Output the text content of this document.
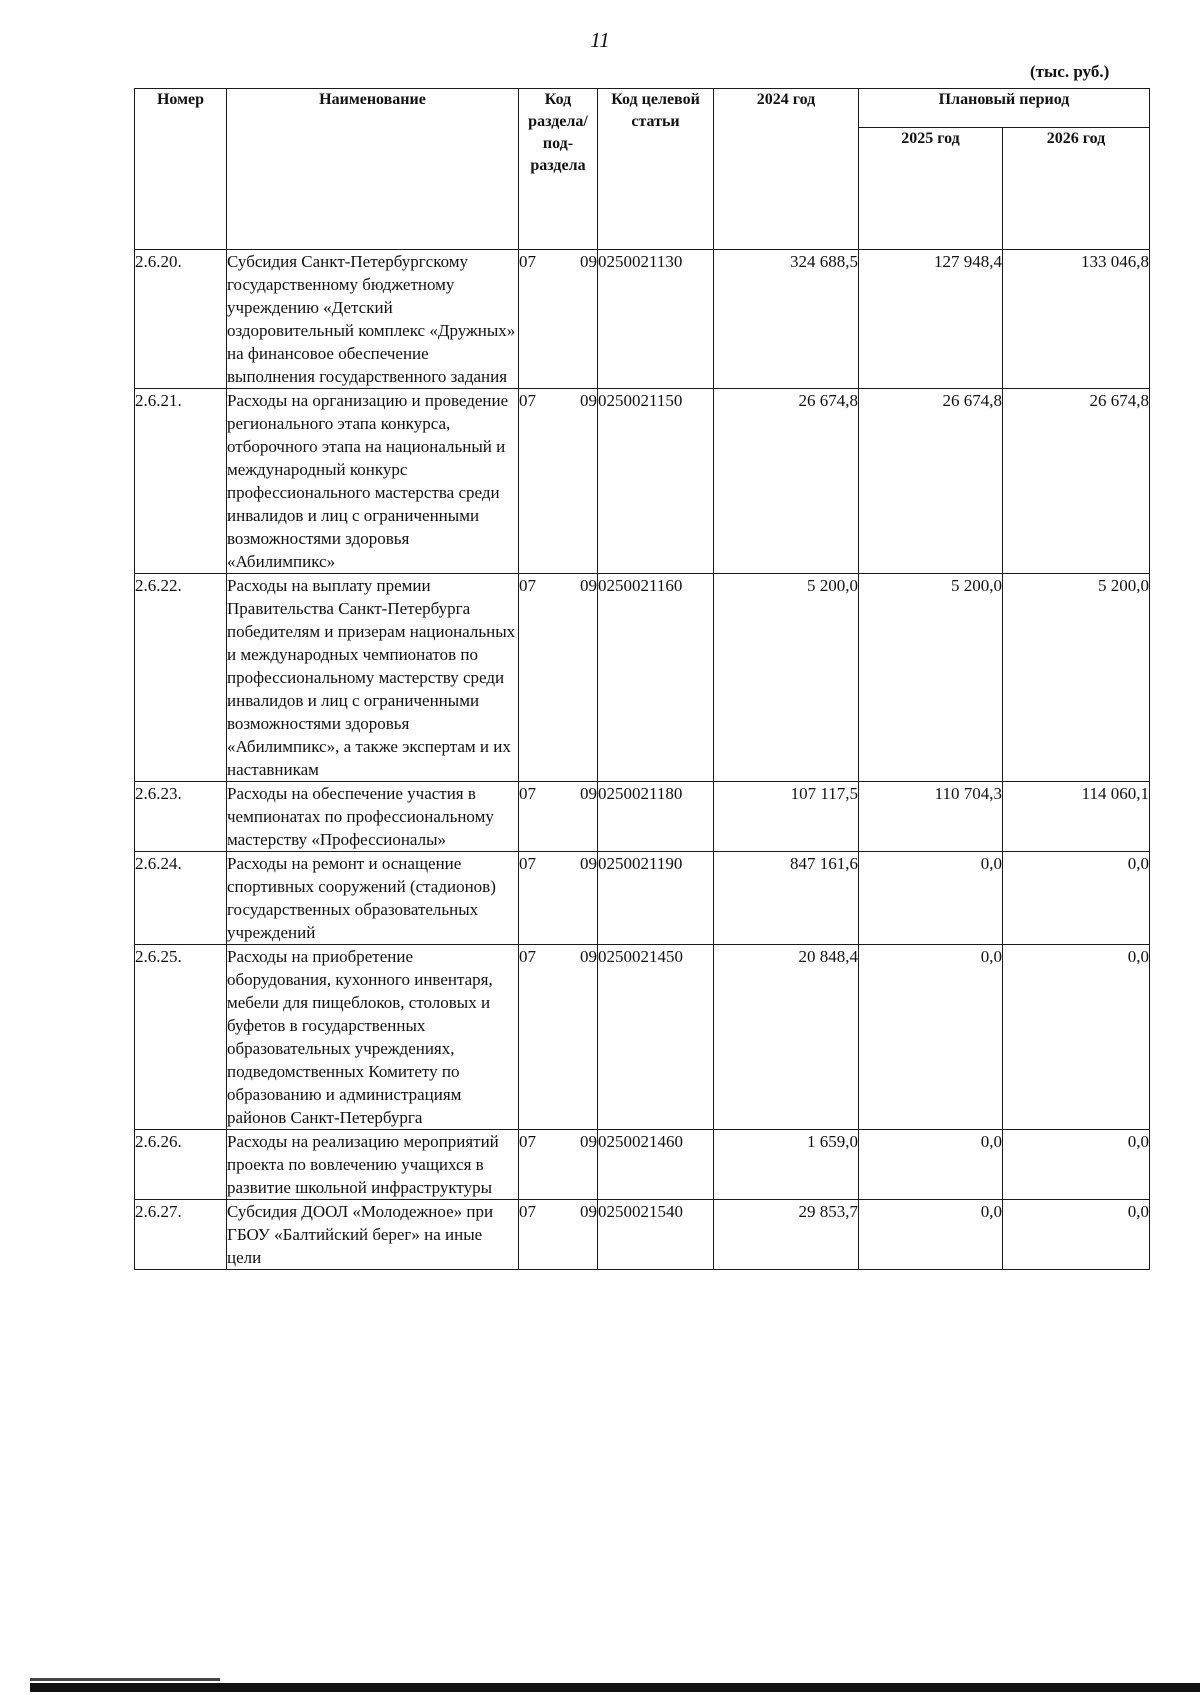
11
(тыс. руб.)
Номер	Наименование	Код раздела/ под-раздела	Код целевой статьи	2024 год	Плановый период	
					2025 год	2026 год
2.6.20.	Субсидия Санкт-Петербургскому государственному бюджетному учреждению «Детский оздоровительный комплекс «Дружных» на финансовое обеспечение выполнения государственного задания	07 09	0250021130	324 688,5	127 948,4	133 046,8
2.6.21.	Расходы на организацию и проведение регионального этапа конкурса, отборочного этапа на национальный и международный конкурс профессионального мастерства среди инвалидов и лиц с ограниченными возможностями здоровья «Абилимпикс»	07 09	0250021150	26 674,8	26 674,8	26 674,8
2.6.22.	Расходы на выплату премии Правительства Санкт-Петербурга победителям и призерам национальных и международных чемпионатов по профессиональному мастерству среди инвалидов и лиц с ограниченными возможностями здоровья «Абилимпикс», а также экспертам и их наставникам	07 09	0250021160	5 200,0	5 200,0	5 200,0
2.6.23.	Расходы на обеспечение участия в чемпионатах по профессиональному мастерству «Профессионалы»	07 09	0250021180	107 117,5	110 704,3	114 060,1
2.6.24.	Расходы на ремонт и оснащение спортивных сооружений (стадионов) государственных образовательных учреждений	07 09	0250021190	847 161,6	0,0	0,0
2.6.25.	Расходы на приобретение оборудования, кухонного инвентаря, мебели для пищеблоков, столовых и буфетов в государственных образовательных учреждениях, подведомственных Комитету по образованию и администрациям районов Санкт-Петербурга	07 09	0250021450	20 848,4	0,0	0,0
2.6.26.	Расходы на реализацию мероприятий проекта по вовлечению учащихся в развитие школьной инфраструктуры	07 09	0250021460	1 659,0	0,0	0,0
2.6.27.	Субсидия ДООЛ «Молодежное» при ГБОУ «Балтийский берег» на иные цели	07 09	0250021540	29 853,7	0,0	0,0
